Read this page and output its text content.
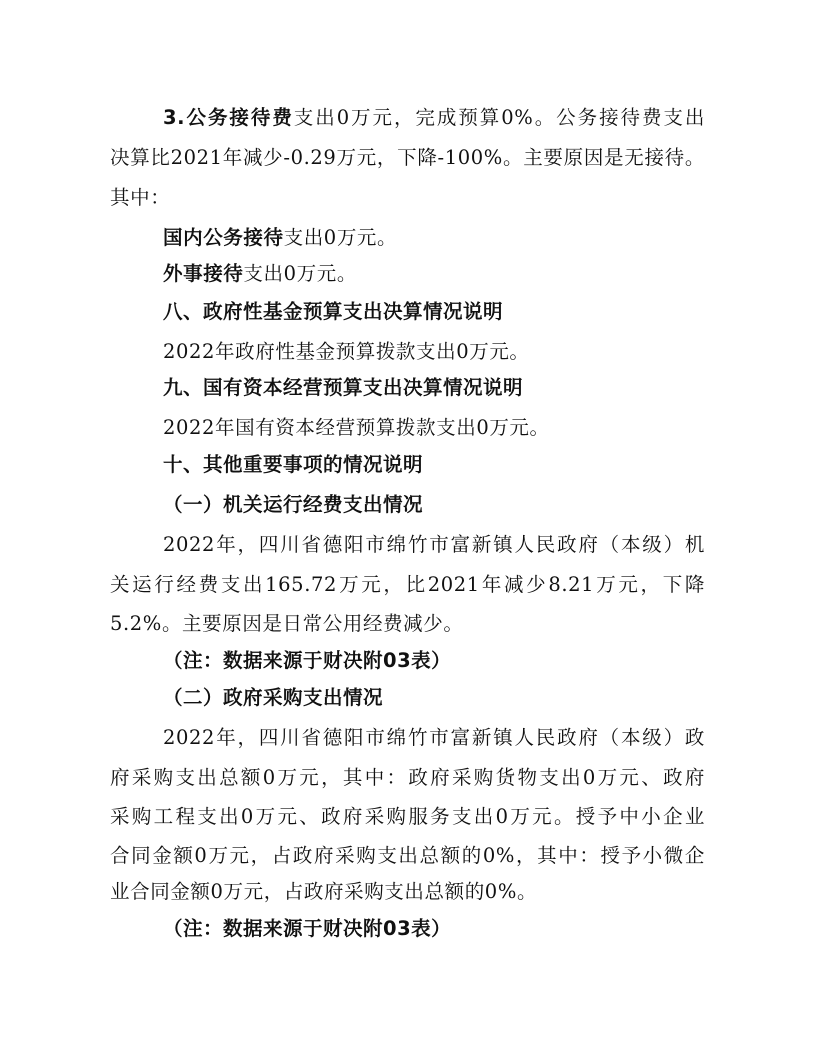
3.公务接待费支出0万元，完成预算0%。公务接待费支出
决算比2021年减少-0.29万元，下降-100%。主要原因是无接待。
其中：
国内公务接待支出0万元。
外事接待支出0万元。
八、政府性基金预算支出决算情况说明
2022年政府性基金预算拨款支出0万元。
九、国有资本经营预算支出决算情况说明
2022年国有资本经营预算拨款支出0万元。
十、其他重要事项的情况说明
（一）机关运行经费支出情况
2022年，四川省德阳市绵竹市富新镇人民政府（本级）机
关运行经费支出165.72万元，比2021年减少8.21万元，下降
5.2%。主要原因是日常公用经费减少。
（注：数据来源于财决附03表）
（二）政府采购支出情况
2022年，四川省德阳市绵竹市富新镇人民政府（本级）政
府采购支出总额0万元，其中：政府采购货物支出0万元、政府
采购工程支出0万元、政府采购服务支出0万元。授予中小企业
合同金额0万元，占政府采购支出总额的0%，其中：授予小微企
业合同金额0万元，占政府采购支出总额的0%。
（注：数据来源于财决附03表）
